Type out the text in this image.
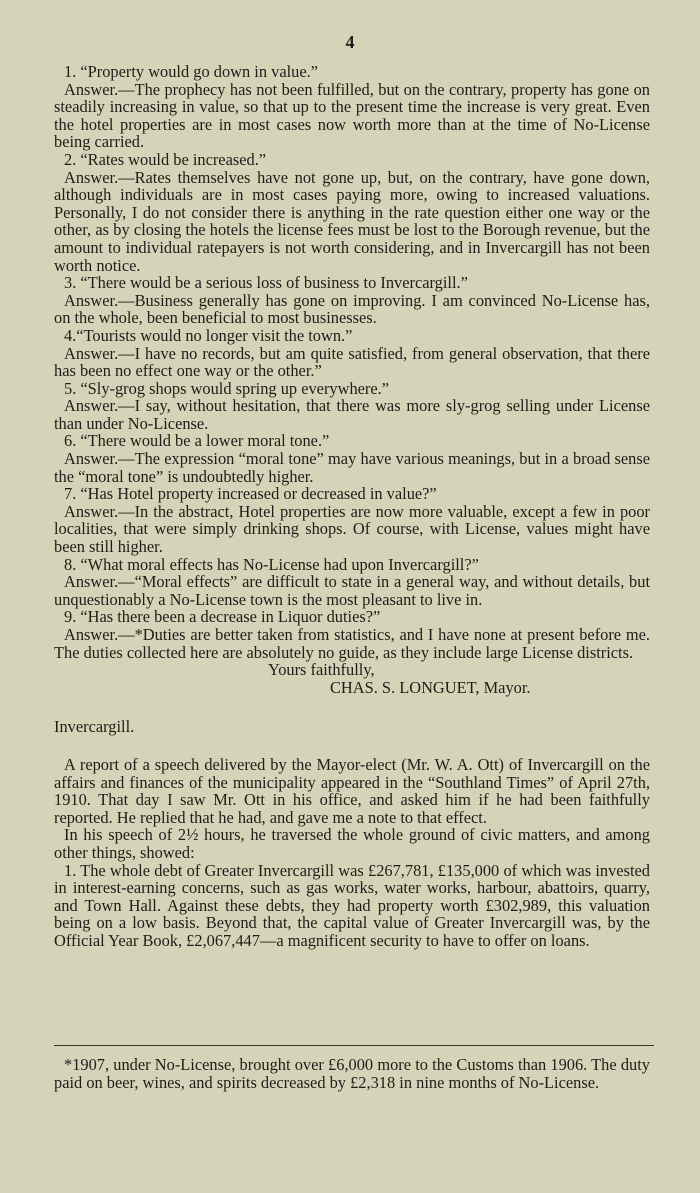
4

1. “Property would go down in value.”

Answer.—The prophecy has not been fulfilled, but on the contrary, property has gone on steadily increasing in value, so that up to the present time the increase is very great. Even the hotel properties are in most cases now worth more than at the time of No-License being carried.

2. “Rates would be increased.”

Answer.—Rates themselves have not gone up, but, on the contrary, have gone down, although individuals are in most cases paying more, owing to increased valuations. Personally, I do not consider there is anything in the rate question either one way or the other, as by closing the hotels the license fees must be lost to the Borough revenue, but the amount to individual ratepayers is not worth considering, and in Invercargill has not been worth notice.

3. “There would be a serious loss of business to Invercargill.”

Answer.—Business generally has gone on improving. I am convinced No-License has, on the whole, been beneficial to most businesses.

4.“Tourists would no longer visit the town.”

Answer.—I have no records, but am quite satisfied, from general observation, that there has been no effect one way or the other.”

5. “Sly-grog shops would spring up everywhere.”

Answer.—I say, without hesitation, that there was more sly-grog selling under License than under No-License.

6. “There would be a lower moral tone.”

Answer.—The expression “moral tone” may have various meanings, but in a broad sense the “moral tone” is undoubtedly higher.

7. “Has Hotel property increased or decreased in value?”

Answer.—In the abstract, Hotel properties are now more valuable, except a few in poor localities, that were simply drinking shops. Of course, with License, values might have been still higher.

8. “What moral effects has No-License had upon Invercargill?”

Answer.—“Moral effects” are difficult to state in a general way, and without details, but unquestionably a No-License town is the most pleasant to live in.

9. “Has there been a decrease in Liquor duties?”

Answer.—*Duties are better taken from statistics, and I have none at present before me. The duties collected here are absolutely no guide, as they include large License districts.

Yours faithfully,

CHAS. S. LONGUET, Mayor.

Invercargill.

A report of a speech delivered by the Mayor-elect (Mr. W. A. Ott) of Invercargill on the affairs and finances of the municipality appeared in the “Southland Times” of April 27th, 1910. That day I saw Mr. Ott in his office, and asked him if he had been faithfully reported. He replied that he had, and gave me a note to that effect.

In his speech of 2½ hours, he traversed the whole ground of civic matters, and among other things, showed:

1. The whole debt of Greater Invercargill was £267,781, £135,000 of which was invested in interest-earning concerns, such as gas works, water works, harbour, abattoirs, quarry, and Town Hall. Against these debts, they had property worth £302,989, this valuation being on a low basis. Beyond that, the capital value of Greater Invercargill was, by the Official Year Book, £2,067,447—a magnificent security to have to offer on loans.

*1907, under No-License, brought over £6,000 more to the Customs than 1906. The duty paid on beer, wines, and spirits decreased by £2,318 in nine months of No-License.
